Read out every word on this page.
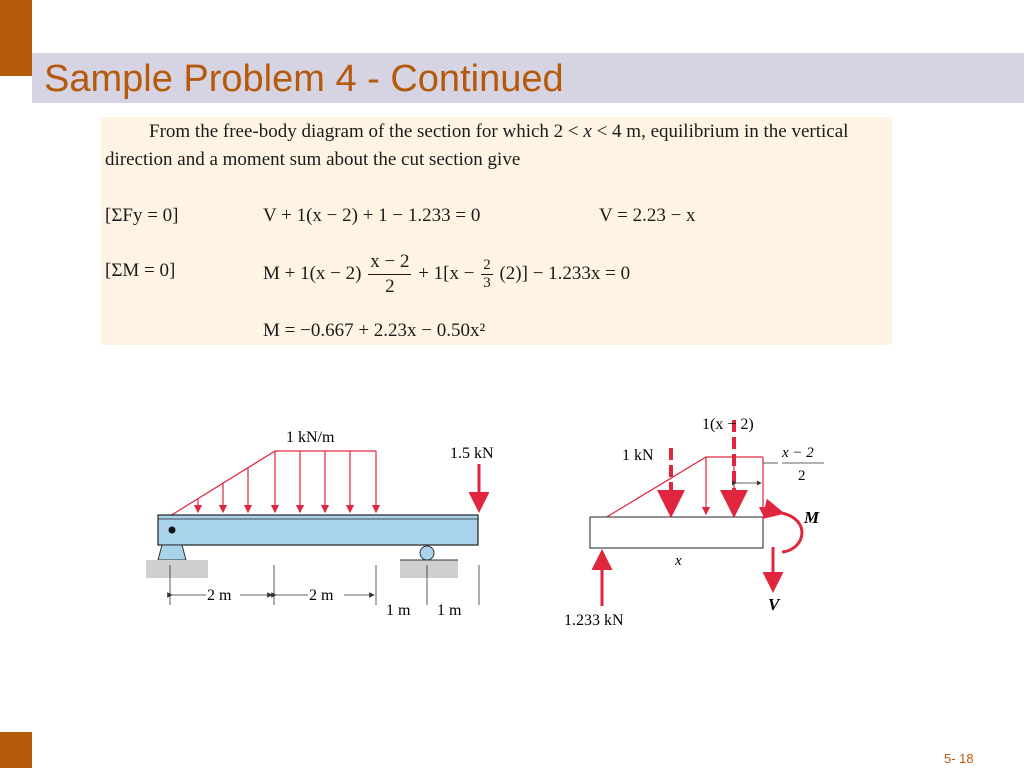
Sample Problem 4 - Continued
From the free-body diagram of the section for which 2 < x < 4 m, equilibrium in the vertical direction and a moment sum about the cut section give
[ΣFy = 0]	V + 1(x − 2) + 1 − 1.233 = 0	V = 2.23 − x
[ΣM = 0]	$M + 1(x - 2) \frac{x - 2}{2} + 1[x - \frac{2}{3} (2)] - 1.233x = 0$
M = −0.667 + 2.23x − 0.50x²
1 kN/m
1.5 kN
2 m	2 m
1 m 1 m
1(x − 2)
1 kN	x − 2
2
x
M
V
1.233 kN
5- 18
